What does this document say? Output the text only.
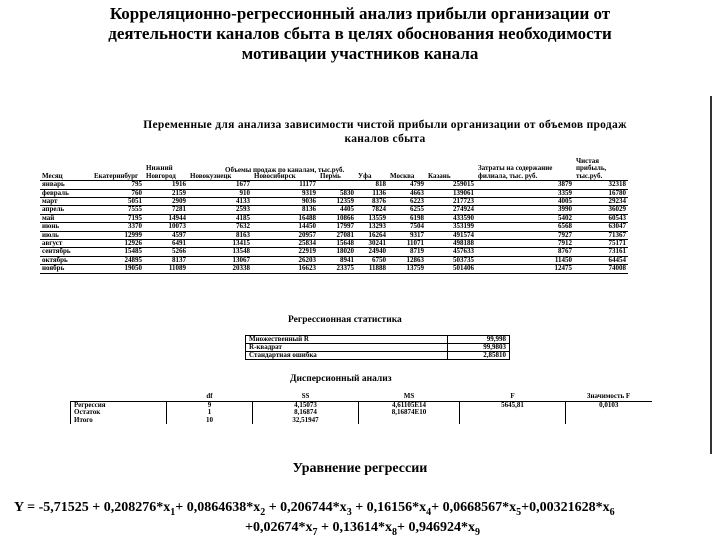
Корреляционно-регрессионный анализ прибыли организации от
деятельности каналов сбыта в целях обоснования необходимости
мотивации участников канала
Переменные для анализа зависимости чистой прибыли организации от объемов продаж
каналов сбыта
Объемы продаж по каналам, тыс.руб.
Месяц	Екатеринбург	Нижний Новгород	Новокузнецк	Новосибирск	Пермь	Уфа	Москва	Казань	Затраты на содержание филиала, тыс. руб.	Чистая прибыль, тыс.руб.
январь	795	1916	1677	11177		818	4799	259015	3879	32318
февраль	760	2159	910	9319	5830	1136	4663	139061	3359	16780
март	5051	2909	4133	9036	12359	8376	6223	217723	4005	29234
апрель	7555	7281	2593	8136	4405	7824	6255	274924	3990	36029
май	7195	14944	4185	16488	10866	13559	6198	433590	5402	60543
июнь	3370	10073	7632	14450	17997	13293	7504	353199	6568	63047
июль	12999	4597	8163	20957	27081	16264	9317	491574	7927	71367
август	12926	6491	13415	25834	15648	30241	11071	498188	7912	75171
сентябрь	15485	5266	13548	22919	18020	24940	8719	457633	8767	73161
октябрь	24895	8137	13067	26203	8941	6750	12863	503735	11450	64454
ноябрь	19050	11089	20338	16623	23375	11888	13759	501406	12475	74008
Регрессионная статистика
Множественный R	99,998
R-квадрат	99,9803
Стандартная ошибка	2,85810
Дисперсионный анализ
	df	SS	MS	F	Значимость F
Регрессия	9	4,15073	4,61105E14	5645,81	0,0103
Остаток	1	8,16874	8,16874E10		
Итого	10	32,51947			
Уравнение регрессии
$Y = -5,71525 + 0,208276*x_1+ 0,0864638*x_2 + 0,206744*x_3 + 0,16156*x_4+ 0,0668567*x_5+0,00321628*x_6$
$+0,02674*x_7 + 0,13614*x_8+ 0,946924*x_9$
